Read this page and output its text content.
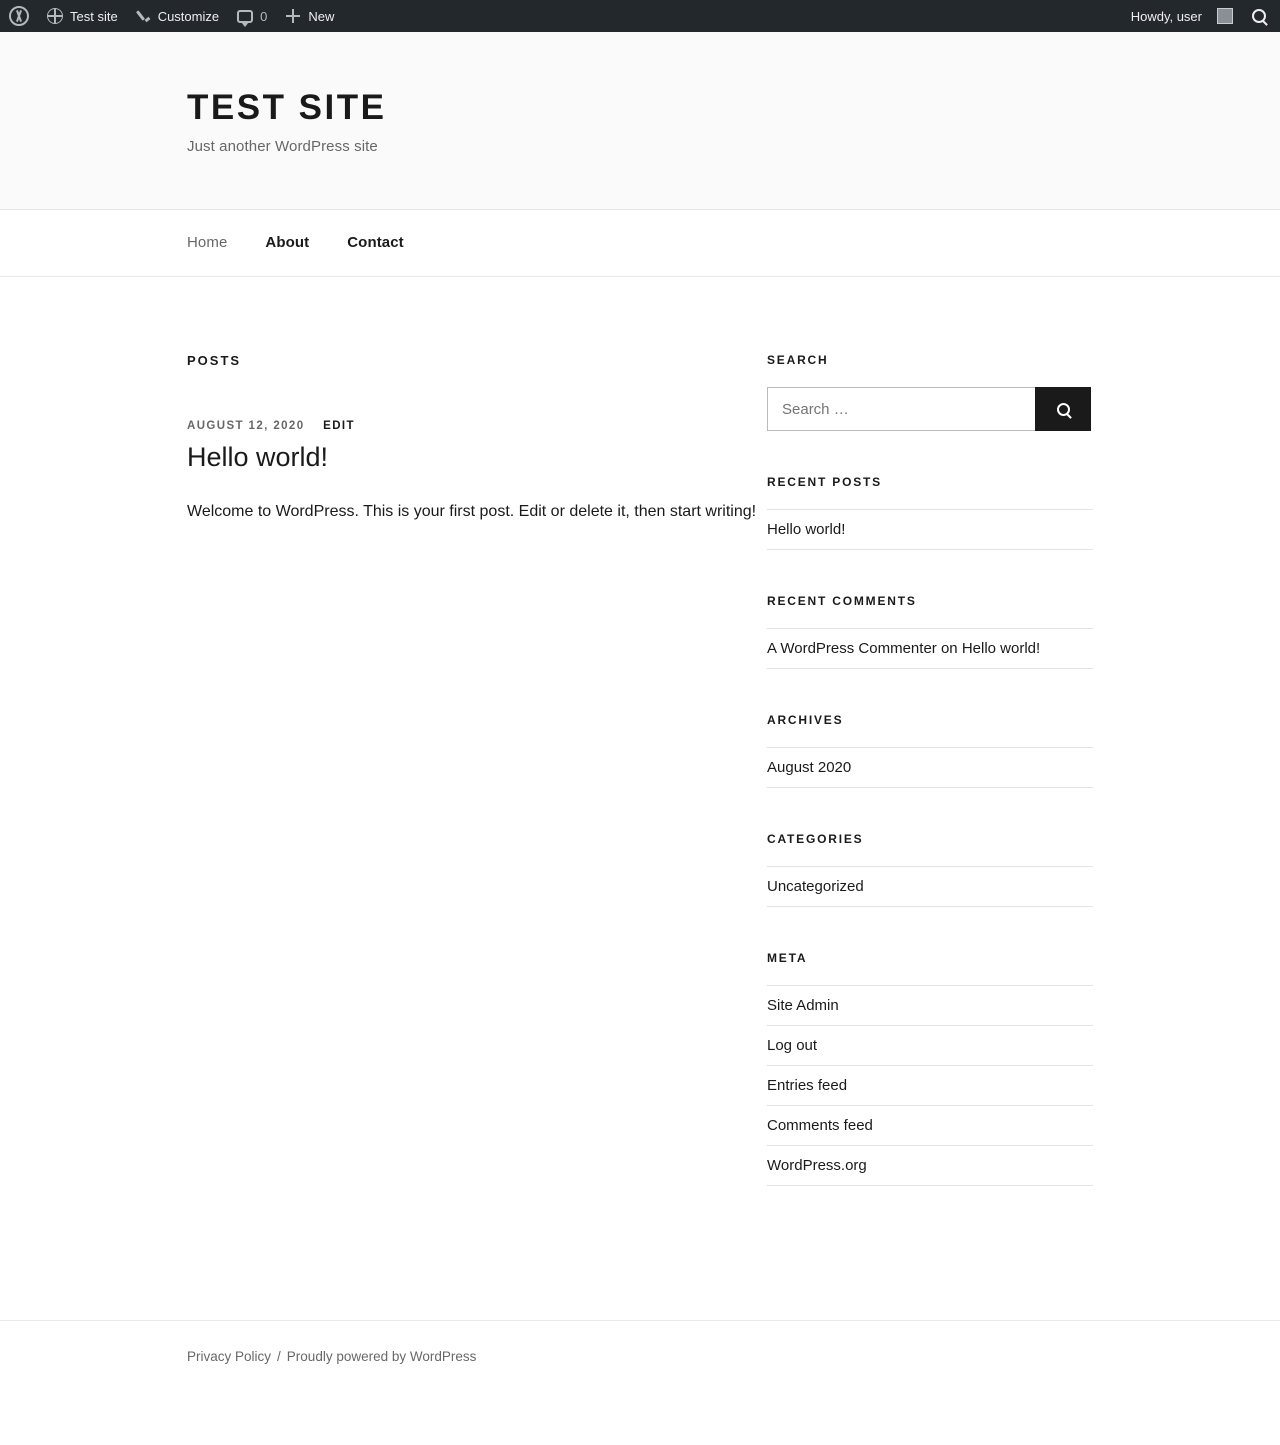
Test site	Customize	0	New	Howdy, user
TEST SITE

Just another WordPress site

Home	About	Contact
POSTS
AUGUST 12, 2020 EDIT
Hello world!

Welcome to WordPress. This is your first post. Edit or delete it, then start writing!

SEARCH
Search …
RECENT POSTS
Hello world!
RECENT COMMENTS
A WordPress Commenter on Hello world!
ARCHIVES
August 2020
CATEGORIES
Uncategorized
META
Site Admin
Log out
Entries feed
Comments feed
WordPress.org
Privacy Policy / Proudly powered by WordPress
